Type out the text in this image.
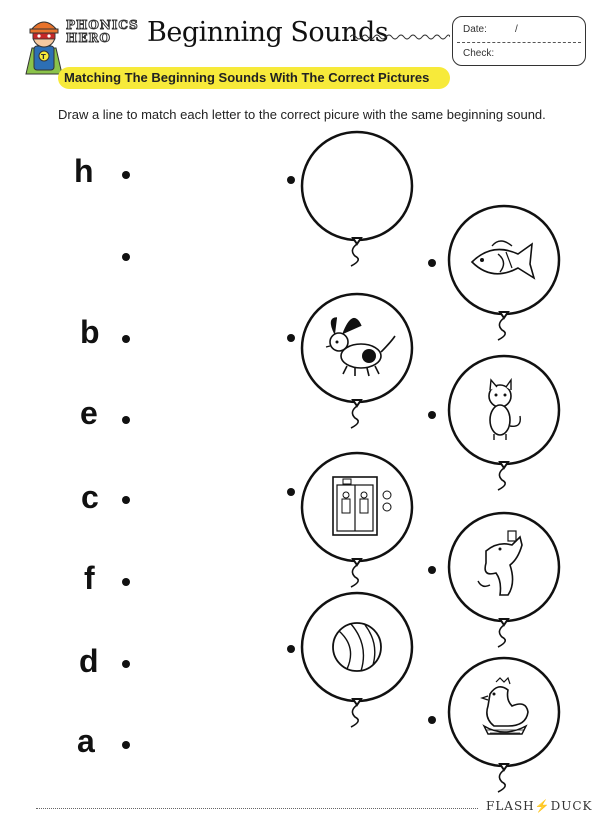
T
PHONICS
HERO Beginning Sounds	Date:	/
Check:
Matching The Beginning Sounds With The Correct Pictures
Draw a line to match each letter to the correct picure with the same beginning sound.
h
b
e
c
f
d
a
FLASH⚡DUCK
